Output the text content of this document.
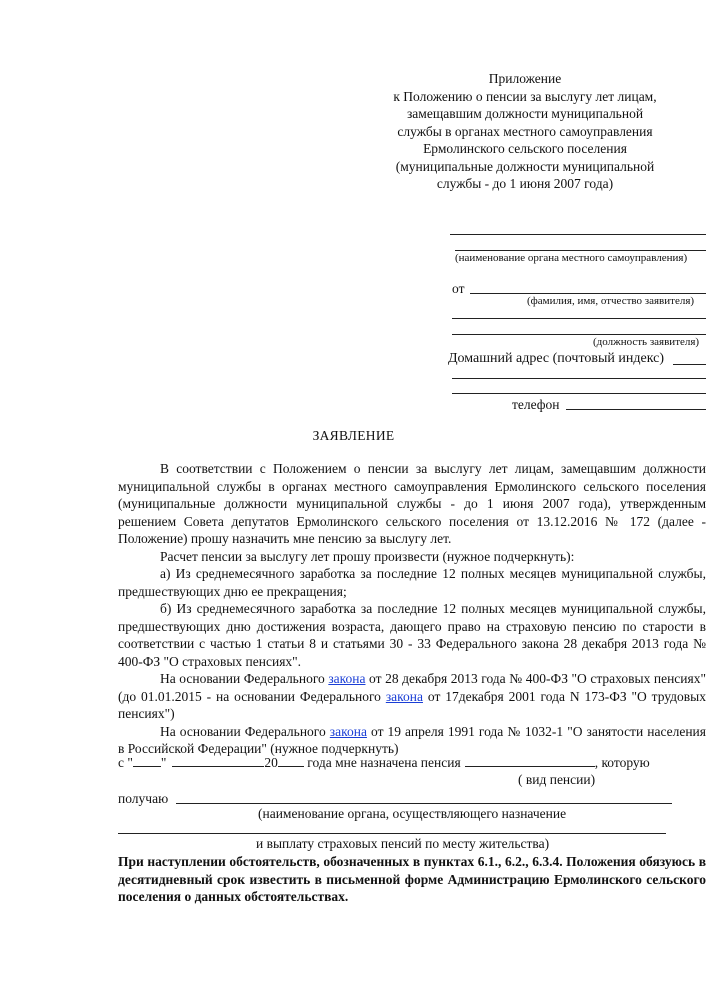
Приложение
к Положению о пенсии за выслугу лет лицам,
замещавшим должности муниципальной
службы в органах местного самоуправления
Ермолинского сельского поселения
(муниципальные должности муниципальной
службы - до 1 июня 2007 года)
(наименование органа местного самоуправления)
от
(фамилия, имя, отчество заявителя)
(должность заявителя)
Домашний адрес (почтовый индекс)
телефон
ЗАЯВЛЕНИЕ

В соответствии с Положением о пенсии за выслугу лет лицам, замещавшим должности муниципальной службы в органах местного самоуправления Ермолинского сельского поселения (муниципальные должности муниципальной службы - до 1 июня 2007 года), утвержденным решением Совета депутатов Ермолинского сельского поселения от 13.12.2016 № 172 (далее - Положение) прошу назначить мне пенсию за выслугу лет.

Расчет пенсии за выслугу лет прошу произвести (нужное подчеркнуть):

а) Из среднемесячного заработка за последние 12 полных месяцев муниципальной службы, предшествующих дню ее прекращения;

б) Из среднемесячного заработка за последние 12 полных месяцев муниципальной службы, предшествующих дню достижения возраста, дающего право на страховую пенсию по старости в соответствии с частью 1 статьи 8 и статьями 30 - 33 Федерального закона 28 декабря 2013 года № 400-ФЗ "О страховых пенсиях".

На основании Федерального закона от 28 декабря 2013 года № 400-ФЗ "О страховых пенсиях" (до 01.01.2015 - на основании Федерального закона от 17декабря 2001 года N 173-ФЗ "О трудовых пенсиях")

На основании Федерального закона от 19 апреля 1991 года № 1032-1 "О занятости населения в Российской Федерации" (нужное подчеркнуть)

с " "	20 года мне назначена пенсия	, которую
( вид пенсии)
получаю
(наименование органа, осуществляющего назначение
и выплату страховых пенсий по месту жительства)

При наступлении обстоятельств, обозначенных в пунктах 6.1., 6.2., 6.3.4. Положения обязуюсь в десятидневный срок известить в письменной форме Администрацию Ермолинского сельского поселения о данных обстоятельствах.
